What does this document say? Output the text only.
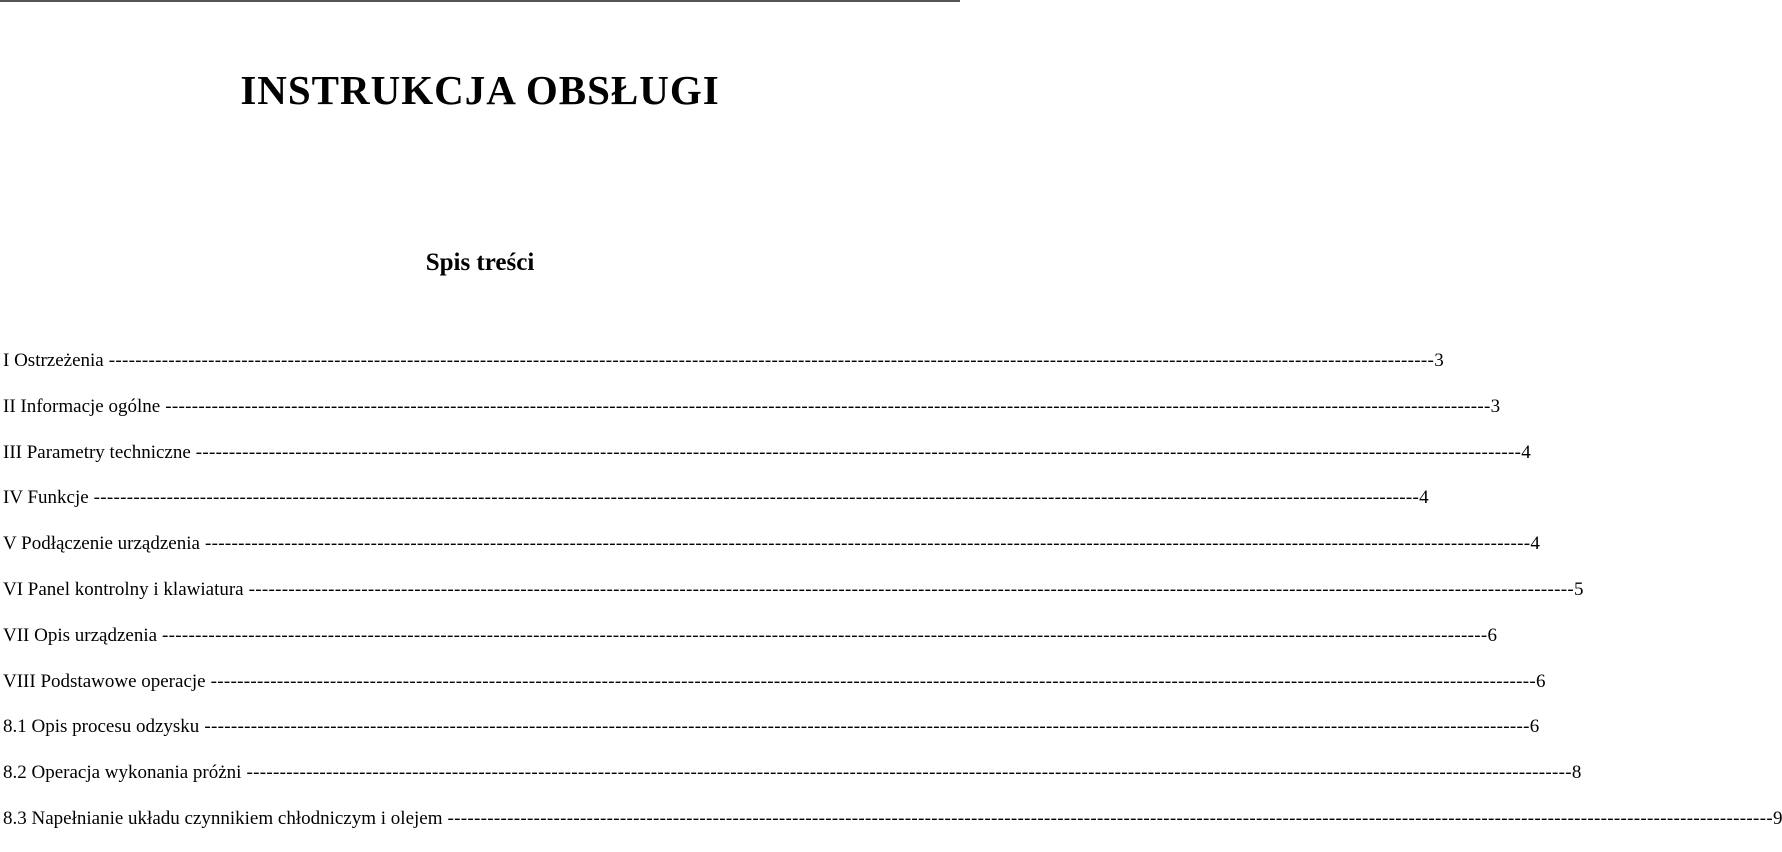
INSTRUKCJA OBSŁUGI
Spis treści
I Ostrzeżenia -------------------------------------------------------------------------------------------------------------------------------------------------------------------------------------------------------- 3
II Informacje ogólne -------------------------------------------------------------------------------------------------------------------------------------------------------------------------------------------------------- 3
III Parametry techniczne -------------------------------------------------------------------------------------------------------------------------------------------------------------------------------------------------------- 4
IV Funkcje -------------------------------------------------------------------------------------------------------------------------------------------------------------------------------------------------------- 4
V Podłączenie urządzenia -------------------------------------------------------------------------------------------------------------------------------------------------------------------------------------------------------- 4
VI Panel kontrolny i klawiatura -------------------------------------------------------------------------------------------------------------------------------------------------------------------------------------------------------- 5
VII Opis urządzenia -------------------------------------------------------------------------------------------------------------------------------------------------------------------------------------------------------- 6
VIII Podstawowe operacje -------------------------------------------------------------------------------------------------------------------------------------------------------------------------------------------------------- 6
8.1 Opis procesu odzysku -------------------------------------------------------------------------------------------------------------------------------------------------------------------------------------------------------- 6
8.2 Operacja wykonania próżni -------------------------------------------------------------------------------------------------------------------------------------------------------------------------------------------------------- 8
8.3 Napełnianie układu czynnikiem chłodniczym i olejem -------------------------------------------------------------------------------------------------------------------------------------------------------------------------------------------------------- 9
